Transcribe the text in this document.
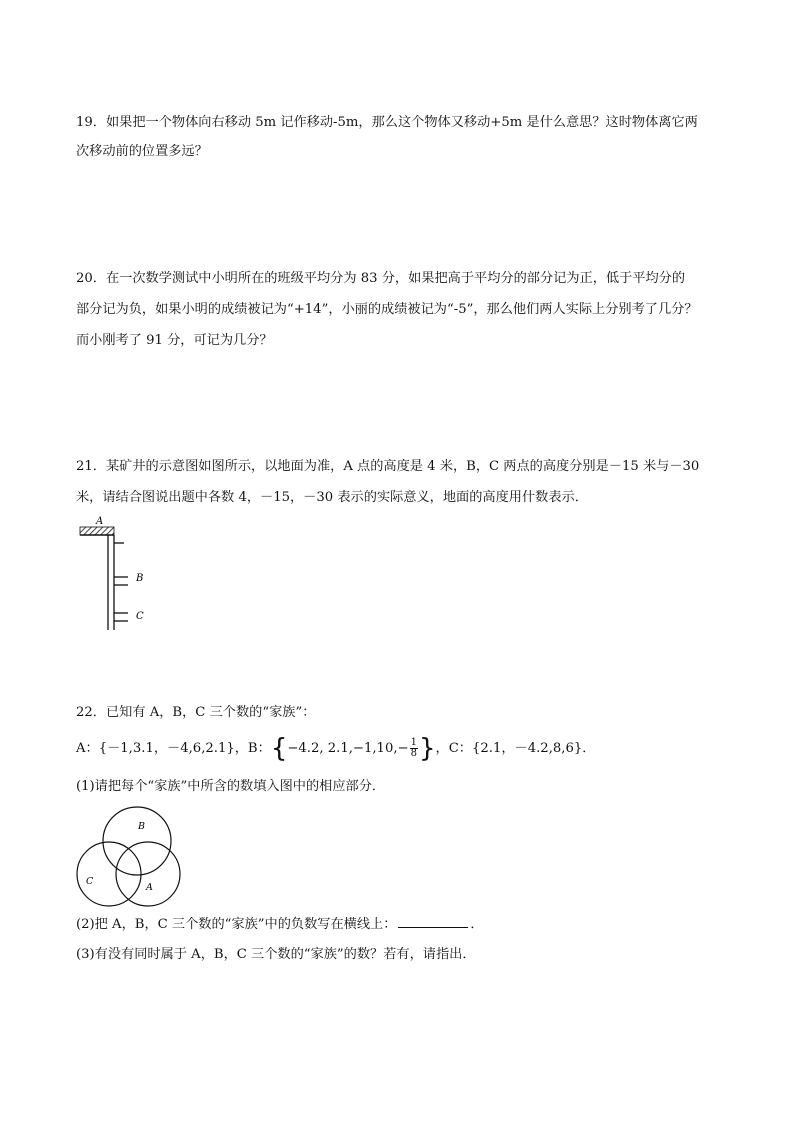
19．如果把一个物体向右移动 5m 记作移动-5m，那么这个物体又移动+5m 是什么意思？这时物体离它两
次移动前的位置多远？
20．在一次数学测试中小明所在的班级平均分为 83 分，如果把高于平均分的部分记为正，低于平均分的
部分记为负，如果小明的成绩被记为“+14”，小丽的成绩被记为“-5”，那么他们两人实际上分别考了几分？
而小刚考了 91 分，可记为几分？
21．某矿井的示意图如图所示，以地面为准，A 点的高度是 4 米，B，C 两点的高度分别是－15 米与－30
米，请结合图说出题中各数 4，－15，－30 表示的实际意义，地面的高度用什数表示．
A
B
C
22．已知有 A，B，C 三个数的“家族”：
A：{－1,3.1，－4,6,2.1}，B：{−4.2, $2.1,-1,10,- \frac{1}{8}$ }，C：{2.1，－4.2,8,6}．
(1)请把每个“家族”中所含的数填入图中的相应部分．
B
C
A
(2)把 A，B，C 三个数的“家族”中的负数写在横线上：	．
(3)有没有同时属于 A，B，C 三个数的“家族”的数？若有，请指出．
